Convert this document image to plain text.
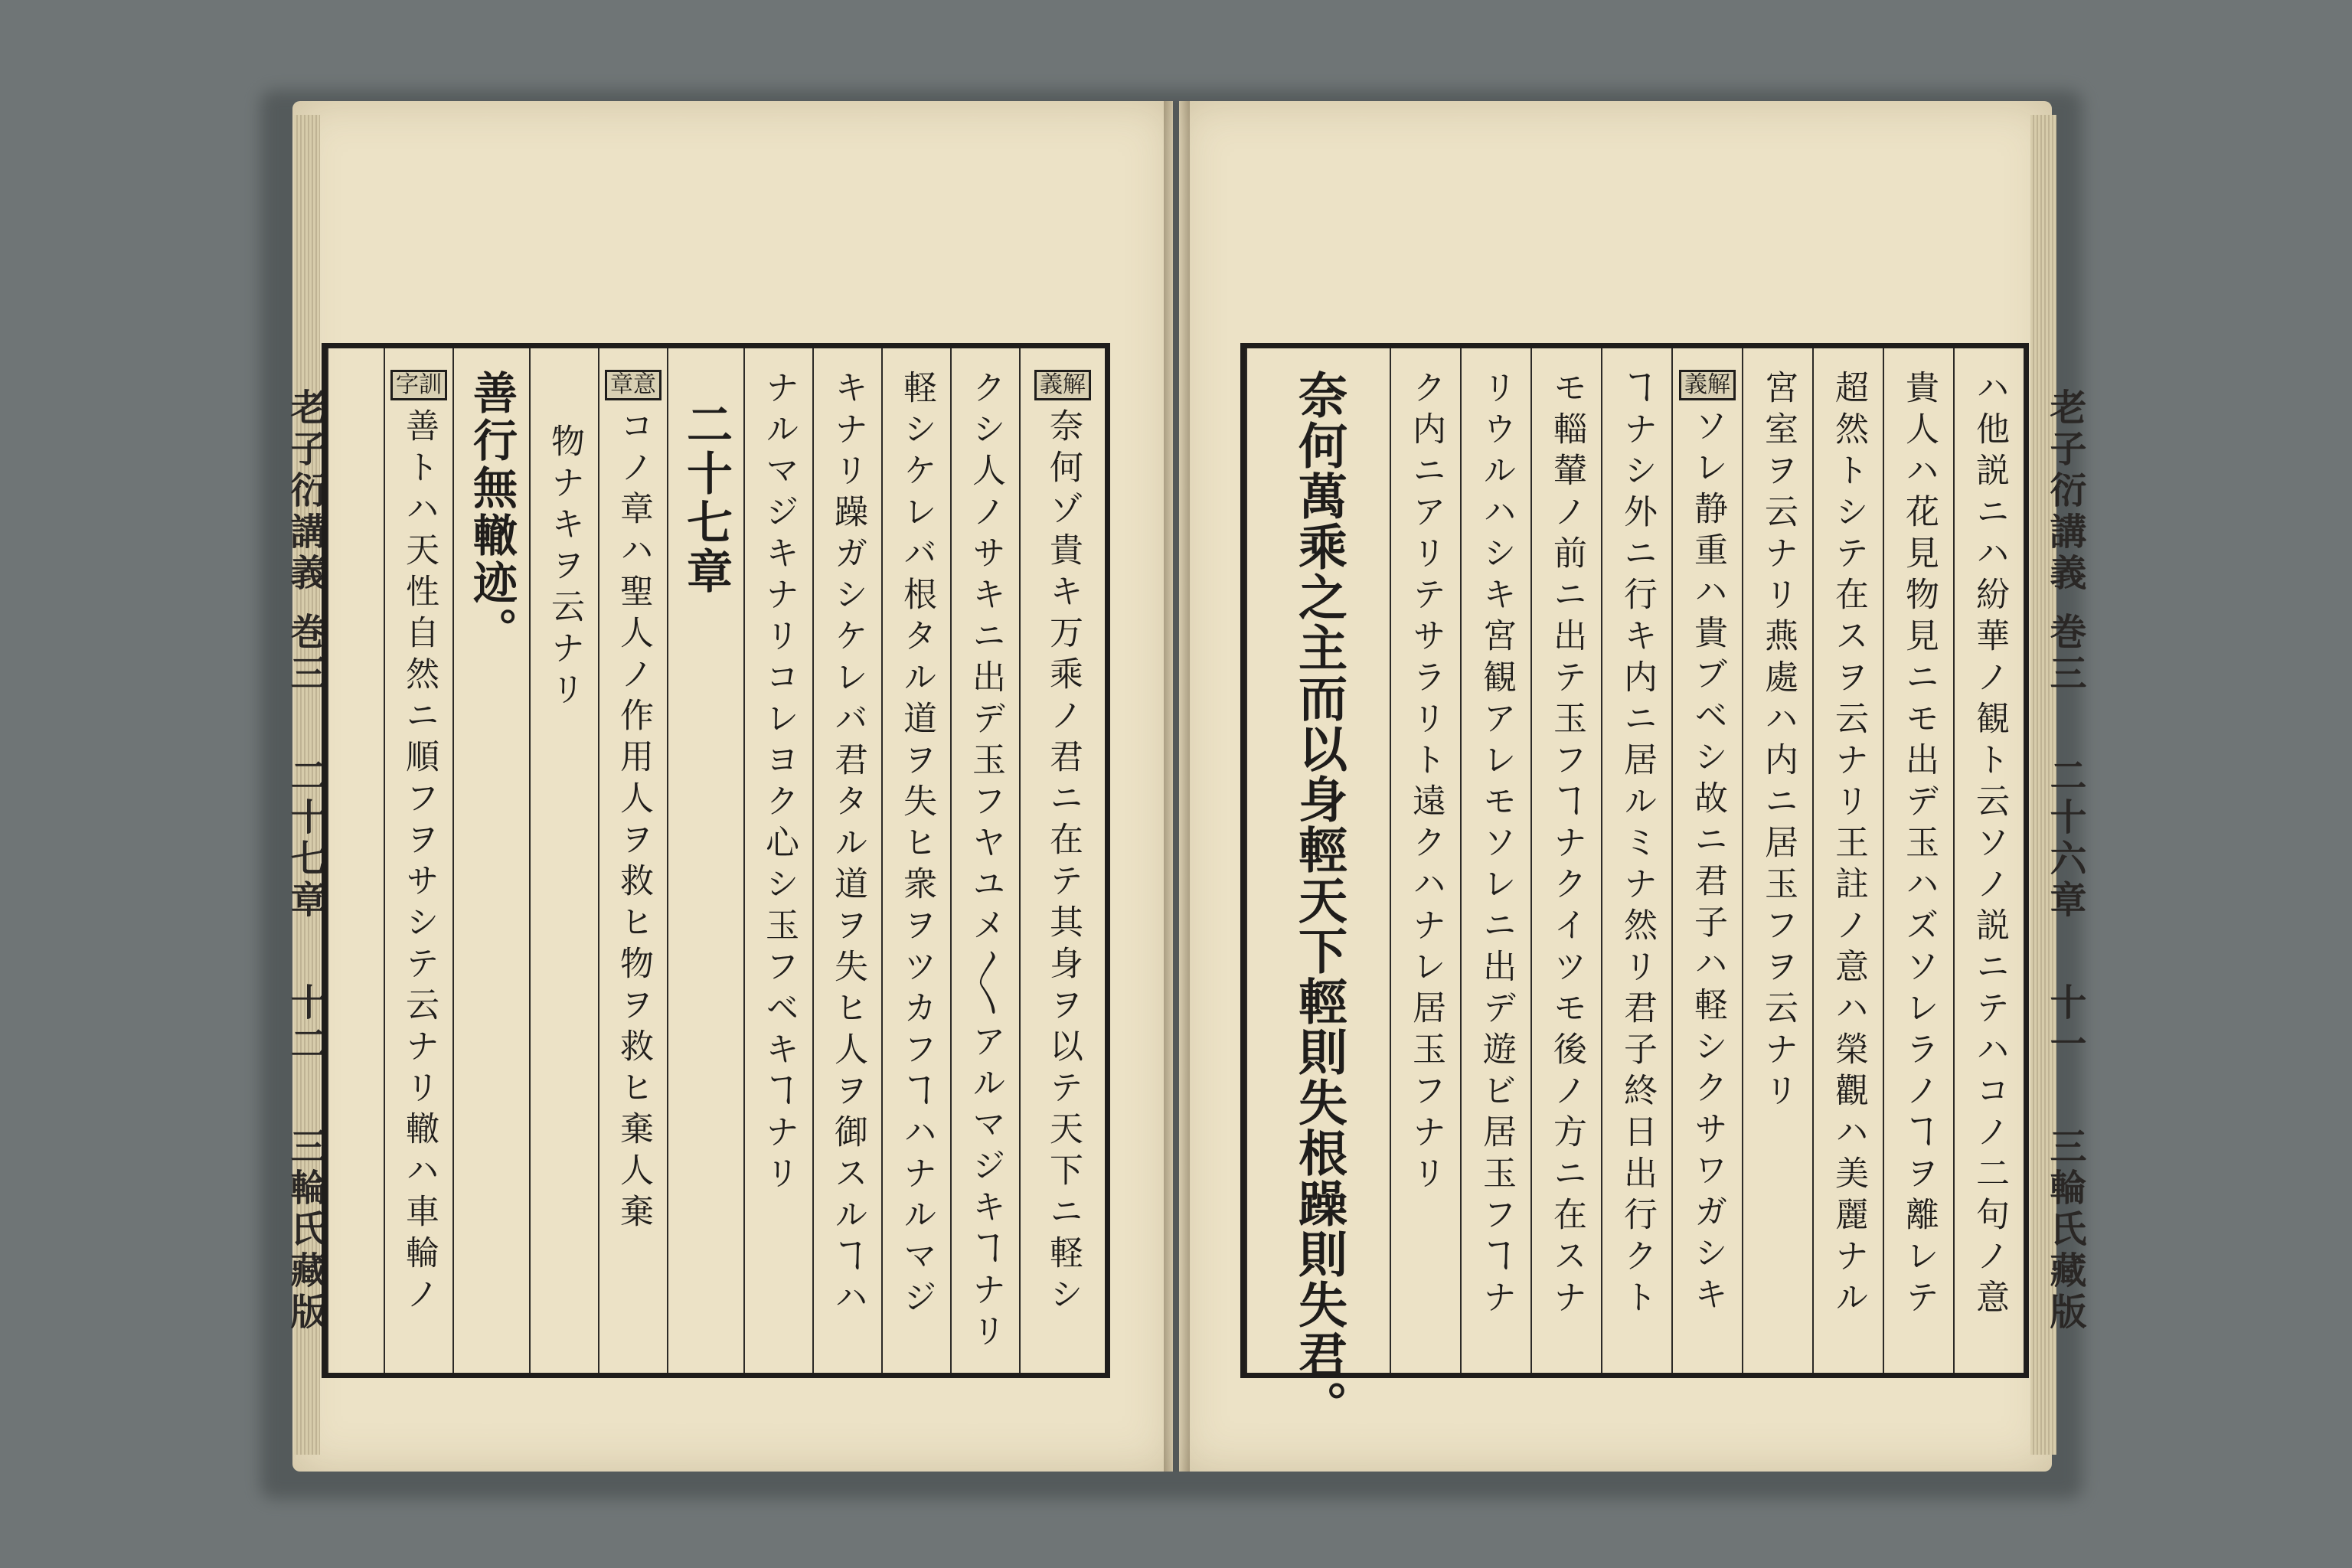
老子衍講義 巻三二十七章十二三輪氏藏版
老子衍講義 巻三二十六章十一三輪氏藏版
義解奈何ゾ貴キ万乘ノ君ニ在テ其身ヲ以テ天下ニ軽シ
クシ人ノサキニ出デ玉フヤユメ〳〵アルマジキヿナリ
軽シケレバ根タル道ヲ失ヒ衆ヲツカフヿハナルマジ
キナリ躁ガシケレバ君タル道ヲ失ヒ人ヲ御スルヿハ
ナルマジキナリコレヨク心シ玉フベキヿナリ
二十七章
章意コノ章ハ聖人ノ作用人ヲ救ヒ物ヲ救ヒ棄人棄
物ナキヲ云ナリ
善行無轍迹。
字訓善トハ天性自然ニ順フヲサシテ云ナリ轍ハ車輪ノ	ハ他説ニハ紛華ノ観ト云ソノ説ニテハコノ二句ノ意
貴人ハ花見物見ニモ出デ玉ハズソレラノヿヲ離レテ
超然トシテ在スヲ云ナリ王註ノ意ハ榮觀ハ美麗ナル
宮室ヲ云ナリ燕處ハ内ニ居玉フヲ云ナリ
義解ソレ静重ハ貴ブベシ故ニ君子ハ軽シクサワガシキ
ヿナシ外ニ行キ内ニ居ルミナ然リ君子終日出行クト
モ輜輦ノ前ニ出テ玉フヿナクイツモ後ノ方ニ在スナ
リウルハシキ宮観アレモソレニ出デ遊ビ居玉フヿナ
ク内ニアリテサラリト遠クハナレ居玉フナリ
奈何萬乘之主而以身輕天下輕則失根躁則失君。
